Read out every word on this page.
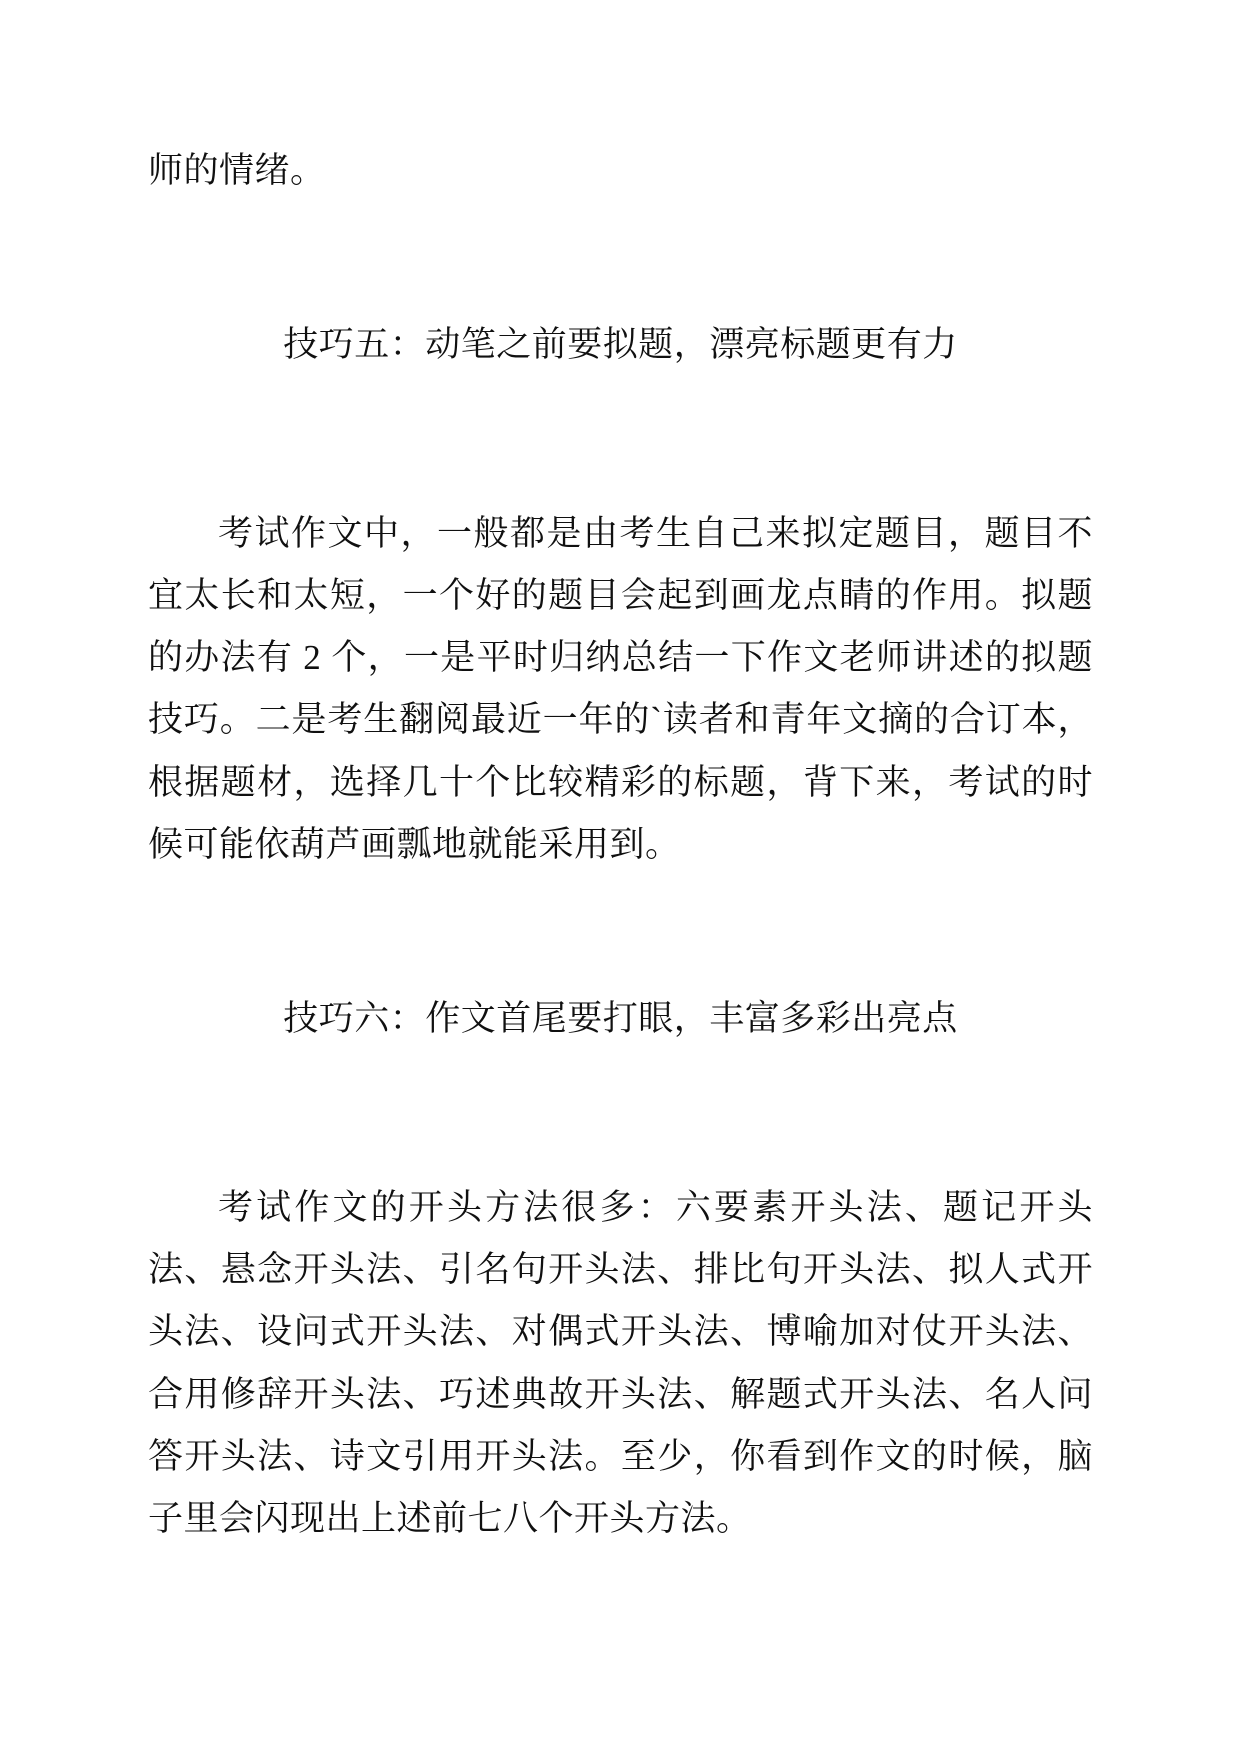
师的情绪。

技巧五：动笔之前要拟题，漂亮标题更有力

考试作文中，一般都是由考生自己来拟定题目，题目不宜太长和太短，一个好的题目会起到画龙点睛的作用。拟题的办法有 2 个，一是平时归纳总结一下作文老师讲述的拟题技巧。二是考生翻阅最近一年的`读者和青年文摘的合订本，根据题材，选择几十个比较精彩的标题，背下来，考试的时候可能依葫芦画瓢地就能采用到。

技巧六：作文首尾要打眼，丰富多彩出亮点

考试作文的开头方法很多：六要素开头法、题记开头法、悬念开头法、引名句开头法、排比句开头法、拟人式开头法、设问式开头法、对偶式开头法、博喻加对仗开头法、合用修辞开头法、巧述典故开头法、解题式开头法、名人问答开头法、诗文引用开头法。至少，你看到作文的时候，脑子里会闪现出上述前七八个开头方法。
